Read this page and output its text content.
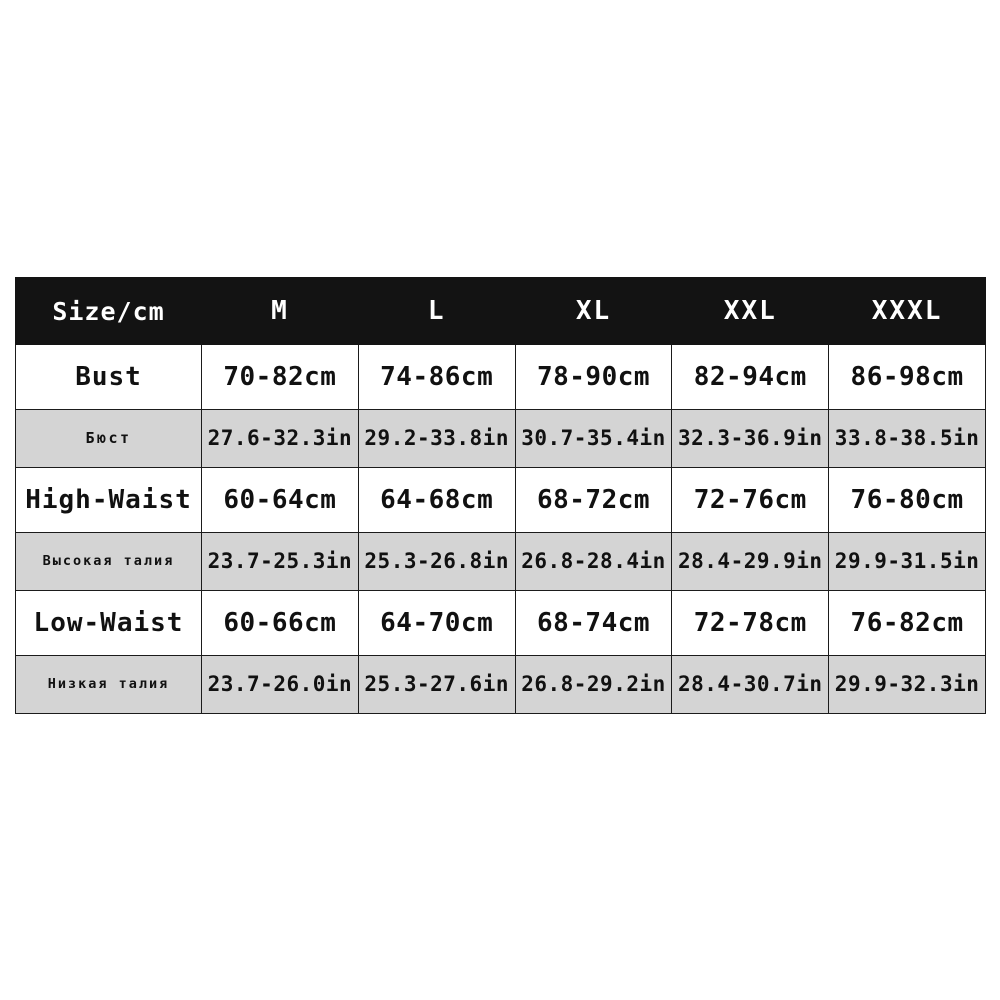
Size/cm	M	L	XL	XXL	XXXL

Bust	70-82cm	74-86cm	78-90cm	82-94cm	86-98cm

Бюст	27.6-32.3in	29.2-33.8in	30.7-35.4in	32.3-36.9in	33.8-38.5in

High-Waist	60-64cm	64-68cm	68-72cm	72-76cm	76-80cm

Высокая талия	23.7-25.3in	25.3-26.8in	26.8-28.4in	28.4-29.9in	29.9-31.5in

Low-Waist	60-66cm	64-70cm	68-74cm	72-78cm	76-82cm

Низкая талия	23.7-26.0in	25.3-27.6in	26.8-29.2in	28.4-30.7in	29.9-32.3in
